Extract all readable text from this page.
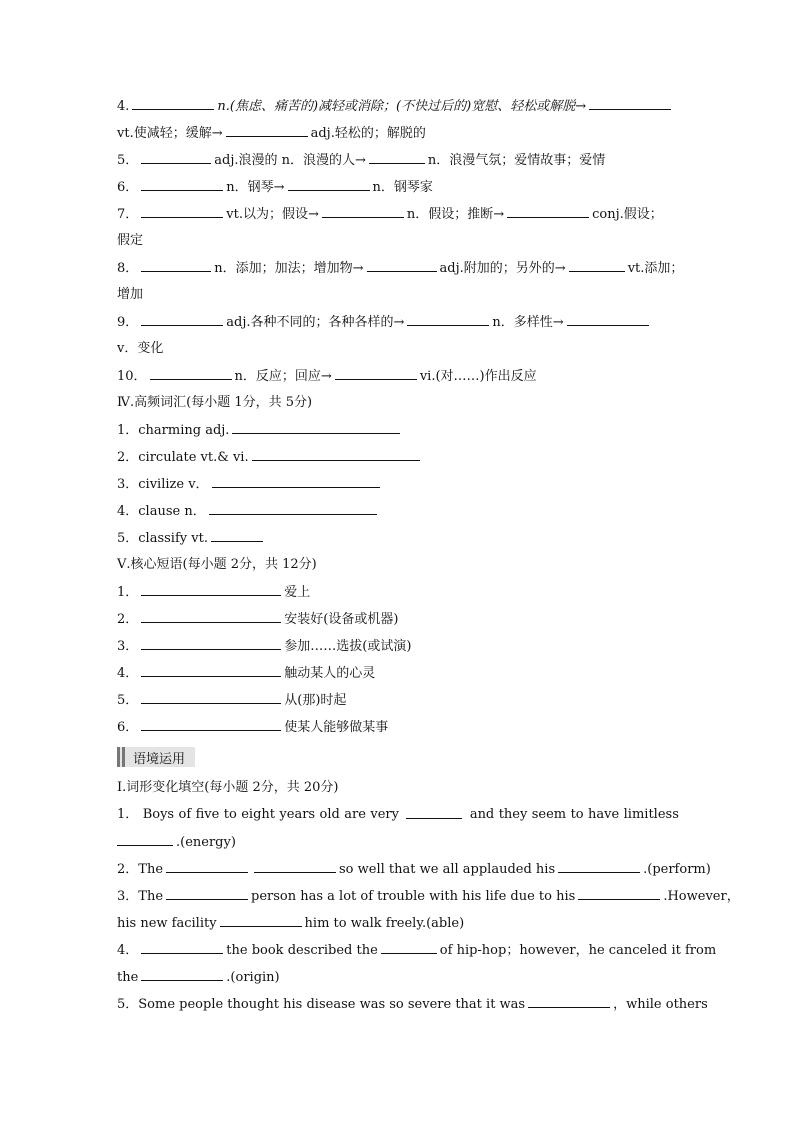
4.	n.(焦虑、痛苦的)减轻或消除；(不快过后的)宽慰、轻松或解脱→
vt.使减轻；缓解→	adj.轻松的；解脱的
5．	adj.浪漫的 n．浪漫的人→	n．浪漫气氛；爱情故事；爱情
6．	n．钢琴→	n．钢琴家
7．	vt.以为；假设→	n．假设；推断→	conj.假设；
假定
8．	n．添加；加法；增加物→	adj.附加的；另外的→	vt.添加；
增加
9．	adj.各种不同的；各种各样的→	n．多样性→
v．变化
10．	n．反应；回应→	vi.(对……)作出反应
Ⅳ.高频词汇(每小题 1分，共 5分)
1．charming adj.
2．circulate vt.& vi.
3．civilize v．
4．clause n．
5．classify vt.
Ⅴ.核心短语(每小题 2分，共 12分)
1．	爱上
2．	安装好(设备或机器)
3．	参加……选拔(或试演)
4．	触动某人的心灵
5．	从(那)时起
6．	使某人能够做某事
语境运用
Ⅰ.词形变化填空(每小题 2分，共 20分)
1． Boys of five to eight years old are very	and they seem to have limitless
.(energy)
2．The	so well that we all applauded his	.(perform)
3．The	person has a lot of trouble with his life due to his	.However，
his new facility	him to walk freely.(able)
4．	the book described the	of hip-hop；however，he canceled it from
the	.(origin)
5．Some people thought his disease was so severe that it was	，while others
